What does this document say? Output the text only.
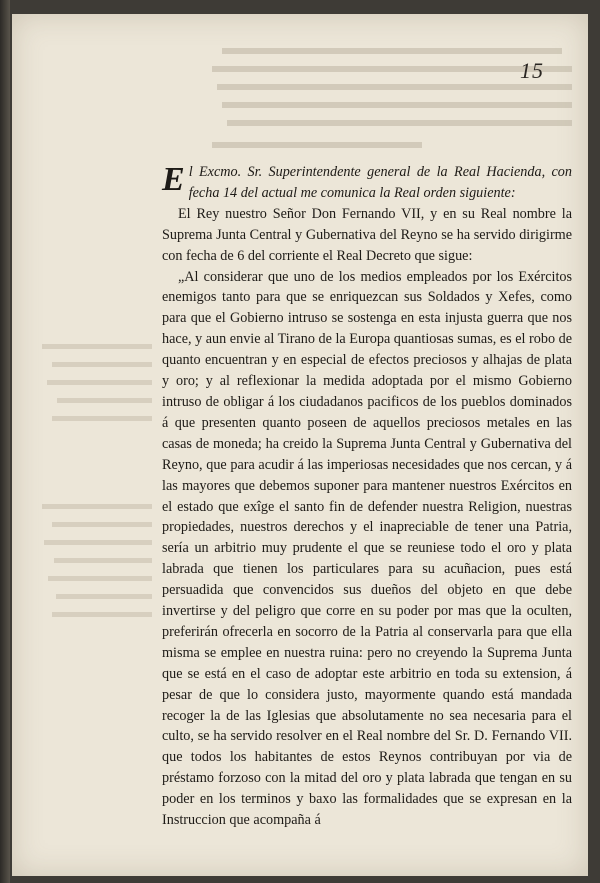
15

El Excmo. Sr. Superintendente general de la Real Hacienda, con fecha 14 del actual me comunica la Real orden siguiente:

El Rey nuestro Señor Don Fernando VII, y en su Real nombre la Suprema Junta Central y Gubernativa del Reyno se ha servido dirigirme con fecha de 6 del corriente el Real Decreto que sigue:

„Al considerar que uno de los medios empleados por los Exércitos enemigos tanto para que se enriquezcan sus Soldados y Xefes, como para que el Gobierno intruso se sostenga en esta injusta guerra que nos hace, y aun envie al Tirano de la Europa quantiosas sumas, es el robo de quanto encuentran y en especial de efectos preciosos y alhajas de plata y oro; y al reflexionar la medida adoptada por el mismo Gobierno intruso de obligar á los ciudadanos pacificos de los pueblos dominados á que presenten quanto poseen de aquellos preciosos metales en las casas de moneda; ha creido la Suprema Junta Central y Gubernativa del Reyno, que para acudir á las imperiosas necesidades que nos cercan, y á las mayores que debemos suponer para mantener nuestros Exércitos en el estado que exîge el santo fin de defender nuestra Religion, nuestras propiedades, nuestros derechos y el inapreciable de tener una Patria, sería un arbitrio muy prudente el que se reuniese todo el oro y plata labrada que tienen los particulares para su acuñacion, pues está persuadida que convencidos sus dueños del objeto en que debe invertirse y del peligro que corre en su poder por mas que la oculten, preferirán ofrecerla en socorro de la Patria al conservarla para que ella misma se emplee en nuestra ruina: pero no creyendo la Suprema Junta que se está en el caso de adoptar este arbitrio en toda su extension, á pesar de que lo considera justo, mayormente quando está mandada recoger la de las Iglesias que absolutamente no sea necesaria para el culto, se ha servido resolver en el Real nombre del Sr. D. Fernando VII. que todos los habitantes de estos Reynos contribuyan por via de préstamo forzoso con la mitad del oro y plata labrada que tengan en su poder en los terminos y baxo las formalidades que se expresan en la Instruccion que acompaña á
